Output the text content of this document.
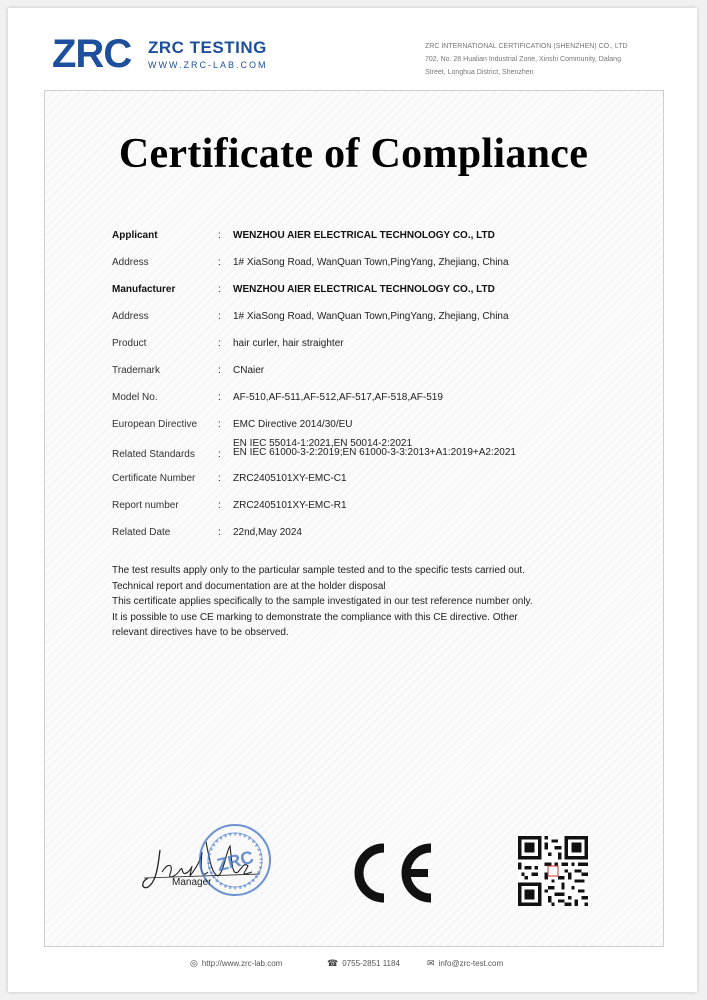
ZRC ZRC TESTING
WWW.ZRC-LAB.COM
ZRC INTERNATIONAL CERTIFICATION (SHENZHEN) CO., LTD
702, No. 28 Hualian Industrial Zone, Xinshi Community, Dalang
Street, Longhua District, Shenzhen
Certificate of Compliance
Applicant	: WENZHOU AIER ELECTRICAL TECHNOLOGY CO., LTD
Address	: 1# XiaSong Road, WanQuan Town,PingYang, Zhejiang, China
Manufacturer	: WENZHOU AIER ELECTRICAL TECHNOLOGY CO., LTD
Address	: 1# XiaSong Road, WanQuan Town,PingYang, Zhejiang, China
Product	: hair curler, hair straighter
Trademark	: CNaier
Model No.	: AF-510,AF-511,AF-512,AF-517,AF-518,AF-519
European Directive : EMC Directive 2014/30/EU
Related Standards :
EN IEC 55014-1:2021,EN 50014-2:2021
EN IEC 61000-3-2:2019;EN 61000-3-3:2013+A1:2019+A2:2021
Certificate Number : ZRC2405101XY-EMC-C1
Report number	: ZRC2405101XY-EMC-R1
Related Date	: 22nd,May 2024
The test results apply only to the particular sample tested and to the specific tests carried out.
Technical report and documentation are at the holder disposal
This certificate applies specifically to the sample investigated in our test reference number only.
It is possible to use CE marking to demonstrate the compliance with this CE directive. Other
relevant directives have to be observed.
ZRC
Manager
◎ http://www.zrc-lab.com	☎ 0755-2851 1184	✉ info@zrc-test.com
